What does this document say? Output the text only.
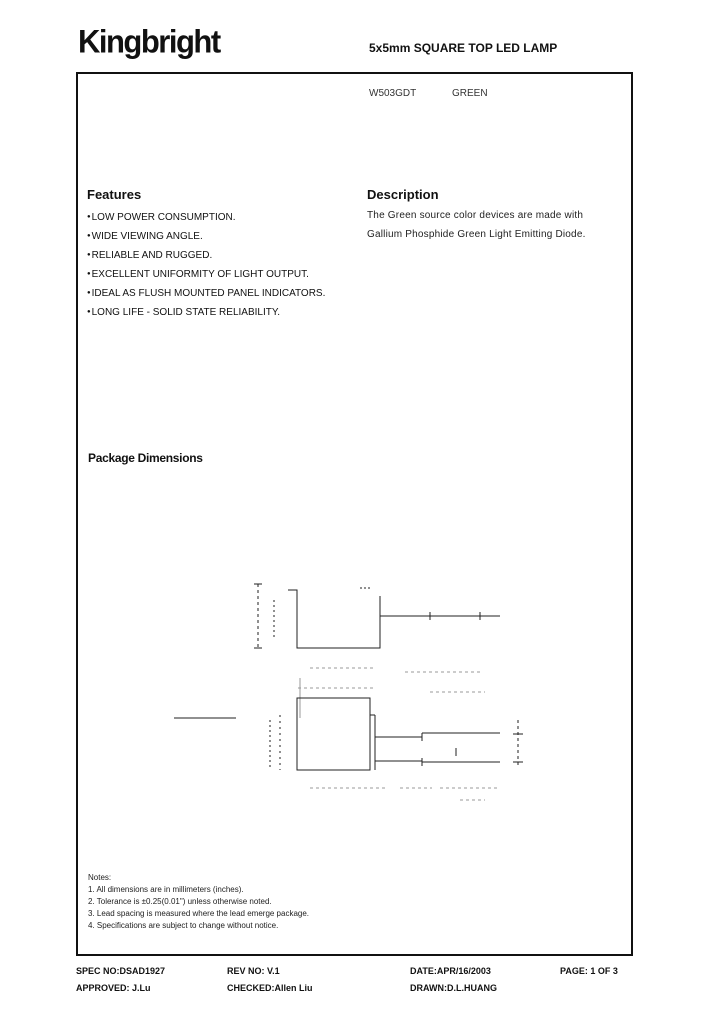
Kingbright	5x5mm SQUARE TOP LED LAMP
W503GDT	GREEN
Features
● LOW POWER CONSUMPTION.
● WIDE VIEWING ANGLE.
● RELIABLE AND RUGGED.
● EXCELLENT UNIFORMITY OF LIGHT OUTPUT.
● IDEAL AS FLUSH MOUNTED PANEL INDICATORS.
● LONG LIFE - SOLID STATE RELIABILITY.
Description
The Green source color devices are made with
Gallium Phosphide Green Light Emitting Diode.
Package Dimensions
Notes:
1. All dimensions are in millimeters (inches).
2. Tolerance is ±0.25(0.01") unless otherwise noted.
3. Lead spacing is measured where the lead emerge package.
4. Specifications are subject to change without notice.
SPEC NO:DSAD1927	REV NO: V.1	DATE:APR/16/2003	PAGE: 1 OF 3
APPROVED: J.Lu	CHECKED:Allen Liu	DRAWN:D.L.HUANG
